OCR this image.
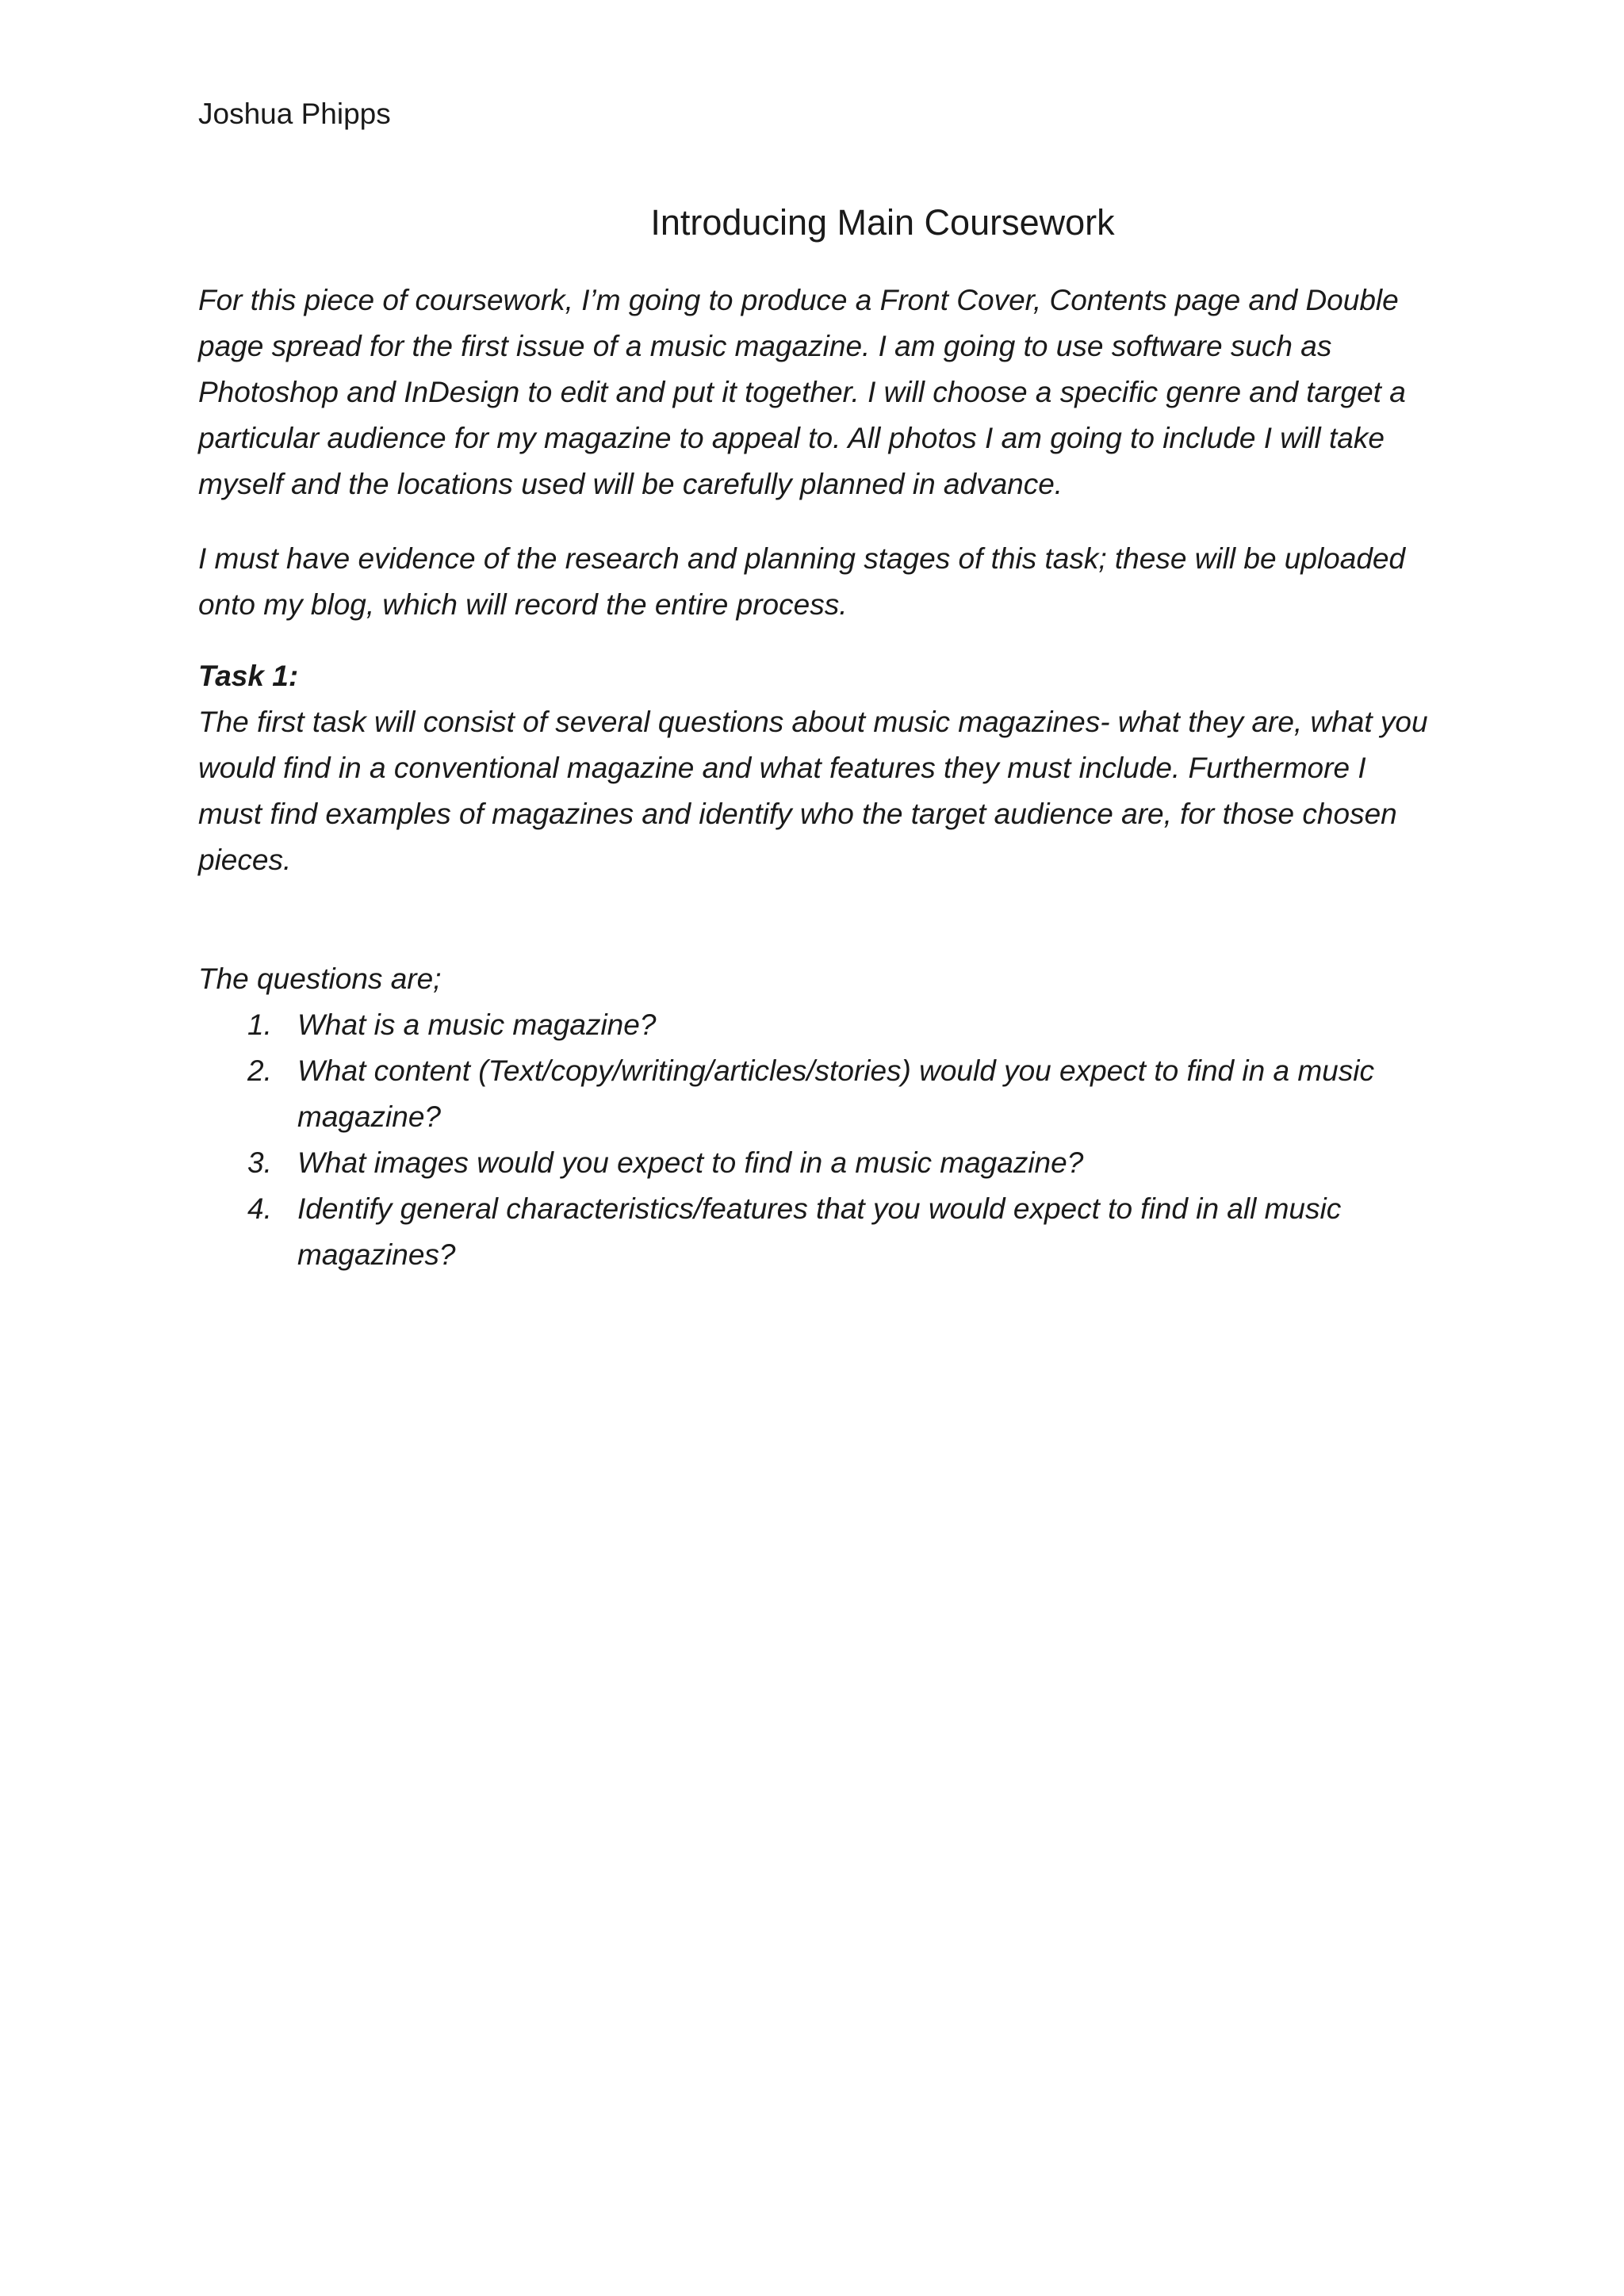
Joshua Phipps
Introducing Main Coursework

For this piece of coursework, I’m going to produce a Front Cover, Contents page and Double page spread for the first issue of a music magazine. I am going to use software such as Photoshop and InDesign to edit and put it together. I will choose a specific genre and target a particular audience for my magazine to appeal to. All photos I am going to include I will take myself and the locations used will be carefully planned in advance.

I must have evidence of the research and planning stages of this task; these will be uploaded onto my blog, which will record the entire process.

Task 1:

The first task will consist of several questions about music magazines- what they are, what you would find in a conventional magazine and what features they must include. Furthermore I must find examples of magazines and identify who the target audience are, for those chosen pieces.

The questions are;

1. What is a music magazine?
2. What content (Text/copy/writing/articles/stories) would you expect to find in a music magazine?
3. What images would you expect to find in a music magazine?
4. Identify general characteristics/features that you would expect to find in all music magazines?
